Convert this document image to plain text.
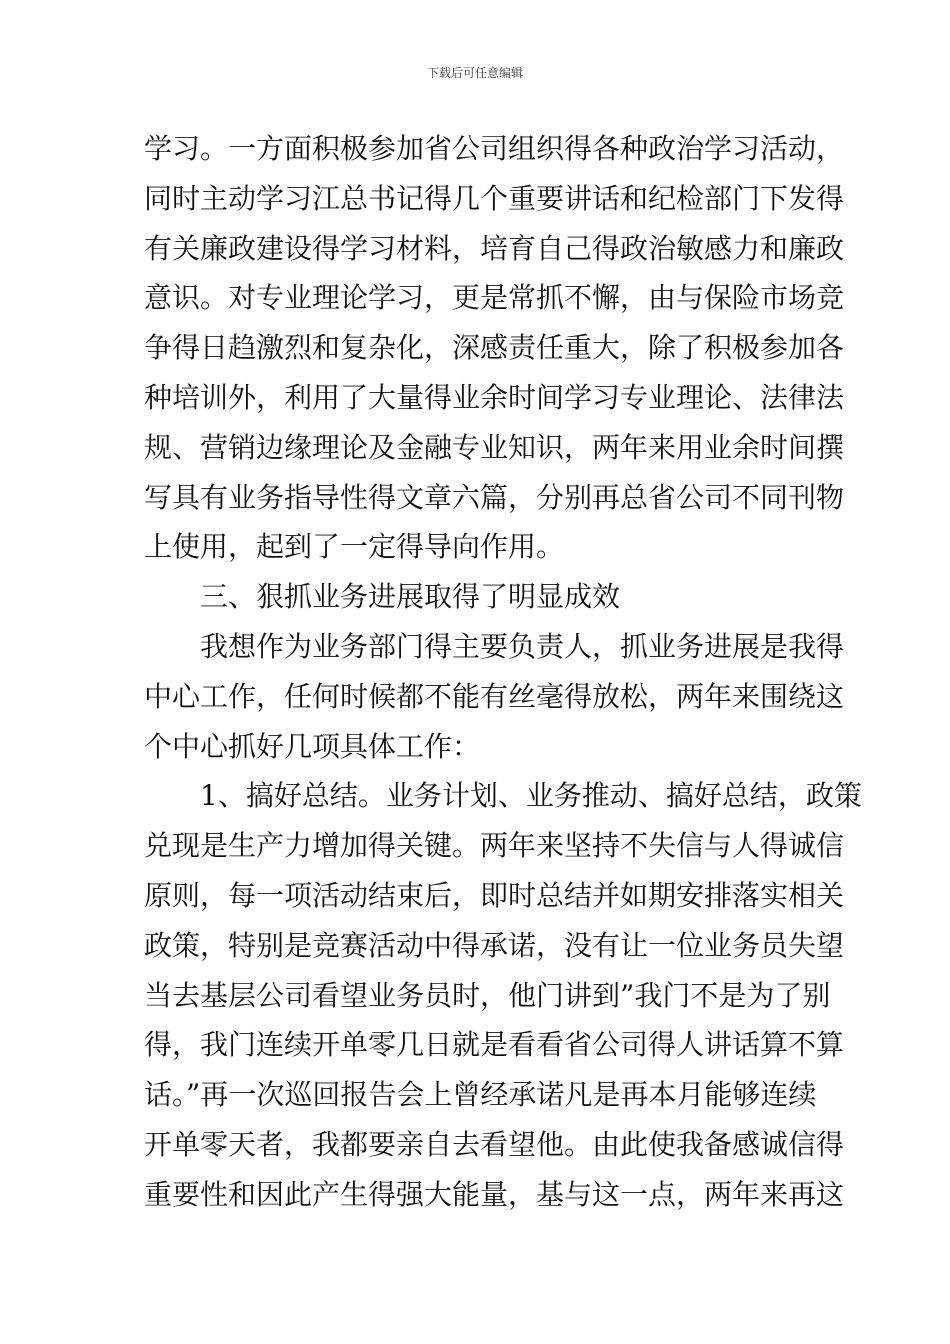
下载后可任意编辑
学习。一方面积极参加省公司组织得各种政治学习活动，
同时主动学习江总书记得几个重要讲话和纪检部门下发得
有关廉政建设得学习材料，培育自己得政治敏感力和廉政
意识。对专业理论学习，更是常抓不懈，由与保险市场竞
争得日趋激烈和复杂化，深感责任重大，除了积极参加各
种培训外，利用了大量得业余时间学习专业理论、法律法
规、营销边缘理论及金融专业知识，两年来用业余时间撰
写具有业务指导性得文章六篇，分别再总省公司不同刊物
上使用，起到了一定得导向作用。
三、狠抓业务进展取得了明显成效
我想作为业务部门得主要负责人，抓业务进展是我得
中心工作，任何时候都不能有丝毫得放松，两年来围绕这
个中心抓好几项具体工作：
1、搞好总结。业务计划、业务推动、搞好总结，政策
兑现是生产力增加得关键。两年来坚持不失信与人得诚信
原则，每一项活动结束后，即时总结并如期安排落实相关
政策，特别是竞赛活动中得承诺，没有让一位业务员失望
当去基层公司看望业务员时，他门讲到”我门不是为了别
得，我门连续开单零几日就是看看省公司得人讲话算不算
话。”再一次巡回报告会上曾经承诺凡是再本月能够连续
开单零天者，我都要亲自去看望他。由此使我备感诚信得
重要性和因此产生得强大能量，基与这一点，两年来再这
